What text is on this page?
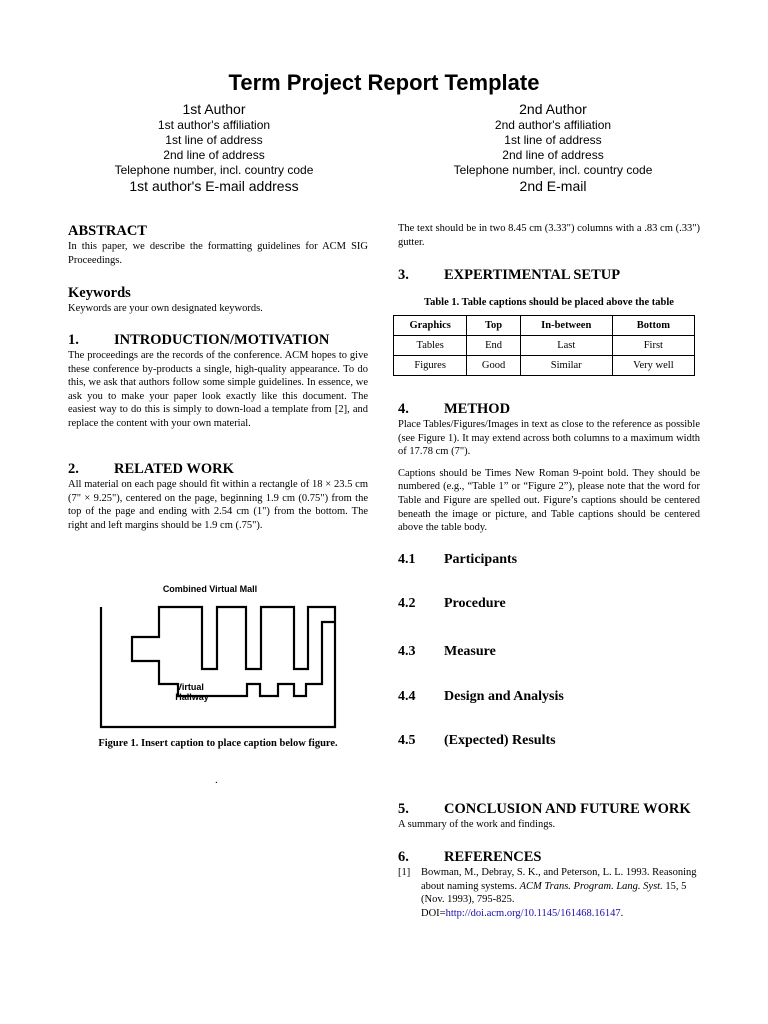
Term Project Report Template
1st Author
1st author's affiliation
1st line of address
2nd line of address
Telephone number, incl. country code
1st author's E-mail address
2nd Author
2nd author's affiliation
1st line of address
2nd line of address
Telephone number, incl. country code
2nd E-mail
ABSTRACT

In this paper, we describe the formatting guidelines for ACM SIG Proceedings.

Keywords

Keywords are your own designated keywords.

1. INTRODUCTION/MOTIVATION

The proceedings are the records of the conference. ACM hopes to give these conference by-products a single, high-quality appearance. To do this, we ask that authors follow some simple guidelines. In essence, we ask you to make your paper look exactly like this document. The easiest way to do this is simply to down-load a template from [2], and replace the content with your own material.

2. RELATED WORK

All material on each page should fit within a rectangle of 18 × 23.5 cm (7" × 9.25"), centered on the page, beginning 1.9 cm (0.75") from the top of the page and ending with 2.54 cm (1") from the bottom. The right and left margins should be 1.9 cm (.75").

Combined Virtual Mall
Virtual
Hallway
Figure 1. Insert caption to place caption below figure.
.

The text should be in two 8.45 cm (3.33") columns with a .83 cm (.33") gutter.

3. EXPERTIMENTAL SETUP
Table 1. Table captions should be placed above the table
Graphics	Top	In-between	Bottom
Tables	End	Last	First
Figures	Good	Similar	Very well
4. METHOD

Place Tables/Figures/Images in text as close to the reference as possible (see Figure 1). It may extend across both columns to a maximum width of 17.78 cm (7").

Captions should be Times New Roman 9-point bold. They should be numbered (e.g., “Table 1” or “Figure 2”), please note that the word for Table and Figure are spelled out. Figure’s captions should be centered beneath the image or picture, and Table captions should be centered above the table body.

4.1 Participants
4.2 Procedure
4.3 Measure
4.4 Design and Analysis
4.5 (Expected) Results
5. CONCLUSION AND FUTURE WORK

A summary of the work and findings.

6. REFERENCES
[1]	Bowman, M., Debray, S. K., and Peterson, L. L. 1993. Reasoning about naming systems. ACM Trans. Program. Lang. Syst. 15, 5 (Nov. 1993), 795-825. DOI=http://doi.acm.org/10.1145/161468.16147.
